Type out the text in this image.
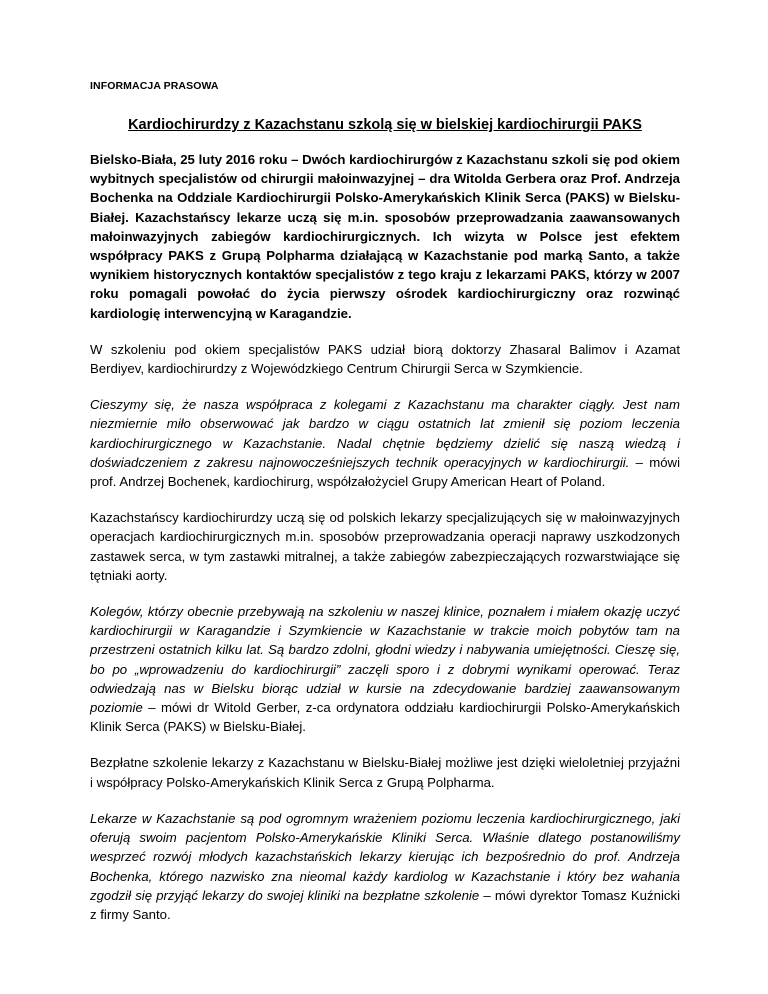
INFORMACJA PRASOWA
Kardiochirurdzy z Kazachstanu szkolą się w bielskiej kardiochirurgii PAKS

Bielsko-Biała, 25 luty 2016 roku – Dwóch kardiochirurgów z Kazachstanu szkoli się pod okiem wybitnych specjalistów od chirurgii małoinwazyjnej – dra Witolda Gerbera oraz Prof. Andrzeja Bochenka na Oddziale Kardiochirurgii Polsko-Amerykańskich Klinik Serca (PAKS) w Bielsku-Białej. Kazachstańscy lekarze uczą się m.in. sposobów przeprowadzania zaawansowanych małoinwazyjnych zabiegów kardiochirurgicznych. Ich wizyta w Polsce jest efektem współpracy PAKS z Grupą Polpharma działającą w Kazachstanie pod marką Santo, a także wynikiem historycznych kontaktów specjalistów z tego kraju z lekarzami PAKS, którzy w 2007 roku pomagali powołać do życia pierwszy ośrodek kardiochirurgiczny oraz rozwinąć kardiologię interwencyjną w Karagandzie.

W szkoleniu pod okiem specjalistów PAKS udział biorą doktorzy Zhasaral Balimov i Azamat Berdiyev, kardiochirurdzy z Wojewódzkiego Centrum Chirurgii Serca w Szymkiencie.

Cieszymy się, że nasza współpraca z kolegami z Kazachstanu ma charakter ciągły. Jest nam niezmiernie miło obserwować jak bardzo w ciągu ostatnich lat zmienił się poziom leczenia kardiochirurgicznego w Kazachstanie. Nadal chętnie będziemy dzielić się naszą wiedzą i doświadczeniem z zakresu najnowocześniejszych technik operacyjnych w kardiochirurgii. – mówi prof. Andrzej Bochenek, kardiochirurg, współzałożyciel Grupy American Heart of Poland.

Kazachstańscy kardiochirurdzy uczą się od polskich lekarzy specjalizujących się w małoinwazyjnych operacjach kardiochirurgicznych m.in. sposobów przeprowadzania operacji naprawy uszkodzonych zastawek serca, w tym zastawki mitralnej, a także zabiegów zabezpieczających rozwarstwiające się tętniaki aorty.

Kolegów, którzy obecnie przebywają na szkoleniu w naszej klinice, poznałem i miałem okazję uczyć kardiochirurgii w Karagandzie i Szymkiencie w Kazachstanie w trakcie moich pobytów tam na przestrzeni ostatnich kilku lat. Są bardzo zdolni, głodni wiedzy i nabywania umiejętności. Cieszę się, bo po „wprowadzeniu do kardiochirurgii” zaczęli sporo i z dobrymi wynikami operować. Teraz odwiedzają nas w Bielsku biorąc udział w kursie na zdecydowanie bardziej zaawansowanym poziomie – mówi dr Witold Gerber, z-ca ordynatora oddziału kardiochirurgii Polsko-Amerykańskich Klinik Serca (PAKS) w Bielsku-Białej.

Bezpłatne szkolenie lekarzy z Kazachstanu w Bielsku-Białej możliwe jest dzięki wieloletniej przyjaźni i współpracy Polsko-Amerykańskich Klinik Serca z Grupą Polpharma.

Lekarze w Kazachstanie są pod ogromnym wrażeniem poziomu leczenia kardiochirurgicznego, jaki oferują swoim pacjentom Polsko-Amerykańskie Kliniki Serca. Właśnie dlatego postanowiliśmy wesprzeć rozwój młodych kazachstańskich lekarzy kierując ich bezpośrednio do prof. Andrzeja Bochenka, którego nazwisko zna nieomal każdy kardiolog w Kazachstanie i który bez wahania zgodził się przyjąć lekarzy do swojej kliniki na bezpłatne szkolenie – mówi dyrektor Tomasz Kuźnicki z firmy Santo.
